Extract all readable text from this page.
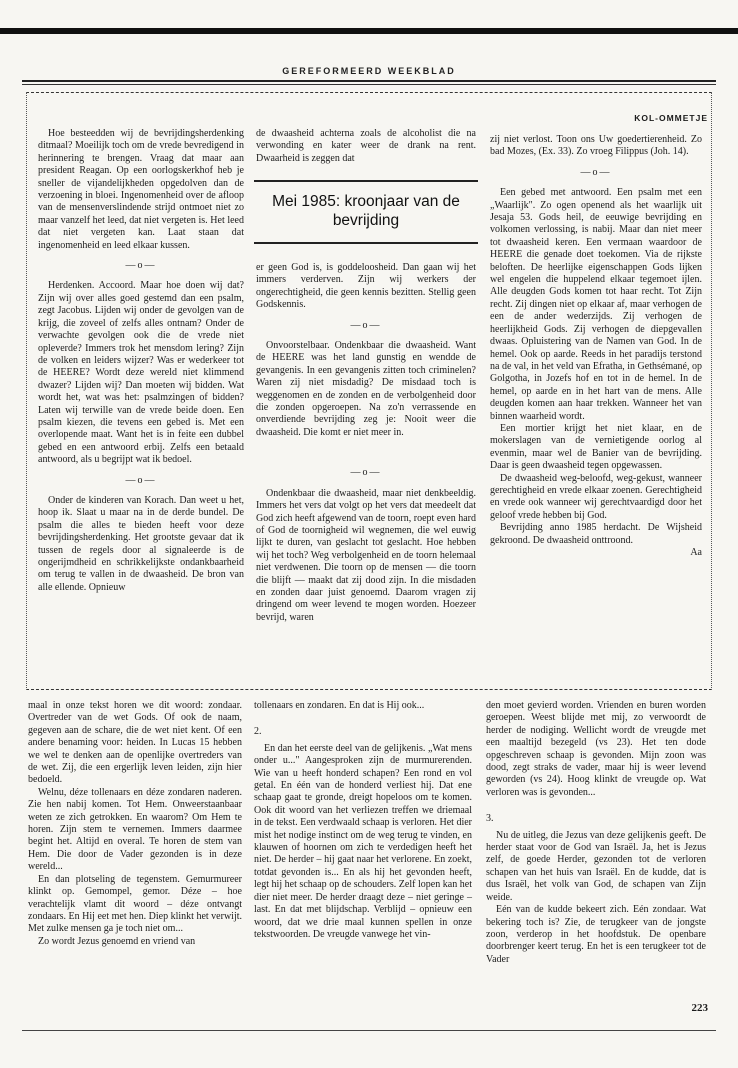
GEREFORMEERD WEEKBLAD
KOL-OMMETJE

Hoe besteedden wij de bevrijdingsherdenking ditmaal? Moeilijk toch om de vrede bevredigend in herinnering te brengen. Vraag dat maar aan president Reagan. Op een oorlogskerkhof heb je sneller de vijandelijkheden opgedolven dan de verzoening in bloei. Ingenomenheid over de afloop van de mensenverslindende strijd ontmoet niet zo maar vanzelf het leed, dat niet vergeten is. Het leed dat niet vergeten kan. Laat staan dat ingenomenheid en leed elkaar kussen.

—o—

Herdenken. Accoord. Maar hoe doen wij dat? Zijn wij over alles goed gestemd dan een psalm, zegt Jacobus. Lijden wij onder de gevolgen van de krijg, die zoveel of zelfs alles ontnam? Onder de verwachte gevolgen ook die de vrede niet opleverde? Immers trok het mensdom lering? Zijn de volken en leiders wijzer? Was er wederkeer tot de HEERE? Wordt deze wereld niet klimmend dwazer? Lijden wij? Dan moeten wij bidden. Wat wordt het, wat was het: psalmzingen of bidden? Laten wij terwille van de vrede beide doen. Een psalm kiezen, die tevens een gebed is. Met een overlopende maat. Want het is in feite een dubbel gebed en een antwoord erbij. Zelfs een betaald antwoord, als u begrijpt wat ik bedoel.

—o—

Onder de kinderen van Korach. Dan weet u het, hoop ik. Slaat u maar na in de derde bundel. De psalm die alles te bieden heeft voor deze bevrijdingsherdenking. Het grootste gevaar dat ik tussen de regels door al signaleerde is de ongerijmdheid en schrikkelijkste ondankbaarheid om terug te vallen in de dwaasheid. De bron van alle ellende. Opnieuw

de dwaasheid achterna zoals de alcoholist die na verwonding en kater weer de drank na rent. Dwaarheid is zeggen dat

Mei 1985: kroonjaar van de bevrijding

er geen God is, is goddeloosheid. Dan gaan wij het immers verderven. Zijn wij werkers der ongerechtigheid, die geen kennis bezitten. Stellig geen Godskennis.

—o—

Onvoorstelbaar. Ondenkbaar die dwaasheid. Want de HEERE was het land gunstig en wendde de gevangenis. In een gevangenis zitten toch criminelen? Waren zij niet misdadig? De misdaad toch is weggenomen en de zonden en de verbolgenheid door die zonden opgeroepen. Na zo'n verrassende en onverdiende bevrijding zeg je: Nooit weer die dwaasheid. Die komt er niet meer in.

—o—

Ondenkbaar die dwaasheid, maar niet denkbeeldig. Immers het vers dat volgt op het vers dat meedeelt dat God zich heeft afgewend van de toorn, roept even hard of God de toornigheid wil wegnemen, die wel euwig lijkt te duren, van geslacht tot geslacht. Hoe hebben wij het toch? Weg verbolgenheid en de toorn helemaal niet verdwenen. Die toorn op de mensen — die toorn die blijft — maakt dat zij dood zijn. In die misdaden en zonden daar juist genoemd. Daarom vragen zij dringend om weer levend te mogen worden. Hoezeer bevrijd, waren

zij niet verlost. Toon ons Uw goedertierenheid. Zo bad Mozes, (Ex. 33). Zo vroeg Filippus (Joh. 14).

—o—

Een gebed met antwoord. Een psalm met een „Waarlijk". Zo ogen openend als het waarlijk uit Jesaja 53. Gods heil, de eeuwige bevrijding en volkomen verlossing, is nabij. Maar dan niet meer tot dwaasheid keren. Een vermaan waardoor de HEERE die genade doet toekomen. Via de rijkste beloften. De heerlijke eigenschappen Gods lijken wel engelen die huppelend elkaar tegemoet ijlen. Alle deugden Gods komen tot haar recht. Tot Zijn recht. Zij dingen niet op elkaar af, maar verhogen de een de ander wederzijds. Zij verhogen de heerlijkheid Gods. Zij verhogen de diepgevallen dwaas. Opluistering van de Namen van God. In de hemel. Ook op aarde. Reeds in het paradijs terstond na de val, in het veld van Efratha, in Gethsémané, op Golgotha, in Jozefs hof en tot in de hemel. In de hemel, op aarde en in het hart van de mens. Alle deugden komen aan haar trekken. Wanneer het van binnen waarheid wordt.

Een mortier krijgt het niet klaar, en de mokerslagen van de vernietigende oorlog al evenmin, maar wel de Banier van de bevrijding. Daar is geen dwaasheid tegen opgewassen.

De dwaasheid weg-beloofd, weg-gekust, wanneer gerechtigheid en vrede elkaar zoenen. Gerechtigheid en vrede ook wanneer wij gerechtvaardigd door het geloof vrede hebben bij God.

Bevrijding anno 1985 herdacht. De Wijsheid gekroond. De dwaasheid onttroond.

Aa

maal in onze tekst horen we dit woord: zondaar. Overtreder van de wet Gods. Of ook de naam, gegeven aan de schare, die de wet niet kent. Of een andere benaming voor: heiden. In Lucas 15 hebben we wel te denken aan de openlijke overtreders van de wet. Zij, die een ergerlijk leven leiden, zijn hier bedoeld.

Welnu, déze tollenaars en déze zondaren naderen. Zie hen nabij komen. Tot Hem. Onweerstaanbaar weten ze zich getrokken. En waarom? Om Hem te horen. Zijn stem te vernemen. Immers daarmee begint het. Altijd en overal. Te horen de stem van Hem. Die door de Vader gezonden is in deze wereld...

En dan plotseling de tegenstem. Gemurmureer klinkt op. Gemompel, gemor. Déze – hoe verachtelijk vlamt dit woord – déze ontvangt zondaars. En Hij eet met hen. Diep klinkt het verwijt. Met zulke mensen ga je toch niet om...

Zo wordt Jezus genoemd en vriend van

tollenaars en zondaren. En dat is Hij ook...

2.

En dan het eerste deel van de gelijkenis. „Wat mens onder u..." Aangesproken zijn de murmurerenden. Wie van u heeft honderd schapen? Een rond en vol getal. En één van de honderd verliest hij. Dat ene schaap gaat te gronde, dreigt hopeloos om te komen. Ook dit woord van het verliezen treffen we driemaal in de tekst. Een verdwaald schaap is verloren. Het dier mist het nodige instinct om de weg terug te vinden, en klauwen of hoornen om zich te verdedigen heeft het niet. De herder – hij gaat naar het verlorene. En zoekt, totdat gevonden is... En als hij het gevonden heeft, legt hij het schaap op de schouders. Zelf lopen kan het dier niet meer. De herder draagt deze – niet geringe – last. En dat met blijdschap. Verblijd – opnieuw een woord, dat we drie maal kunnen spellen in onze tekstwoorden. De vreugde vanwege het vin-

den moet gevierd worden. Vrienden en buren worden geroepen. Weest blijde met mij, zo verwoordt de herder de nodiging. Wellicht wordt de vreugde met een maaltijd bezegeld (vs 23). Het ten dode opgeschreven schaap is gevonden. Mijn zoon was dood, zegt straks de vader, maar hij is weer levend geworden (vs 24). Hoog klinkt de vreugde op. Wat verloren was is gevonden...

3.

Nu de uitleg, die Jezus van deze gelijkenis geeft. De herder staat voor de God van Israël. Ja, het is Jezus zelf, de goede Herder, gezonden tot de verloren schapen van het huis van Israël. En de kudde, dat is dus Israël, het volk van God, de schapen van Zijn weide.

Eén van de kudde bekeert zich. Eén zondaar. Wat bekering toch is? Zie, de terugkeer van de jongste zoon, verderop in het hoofdstuk. De openbare doorbrenger keert terug. En het is een terugkeer tot de Vader

223
